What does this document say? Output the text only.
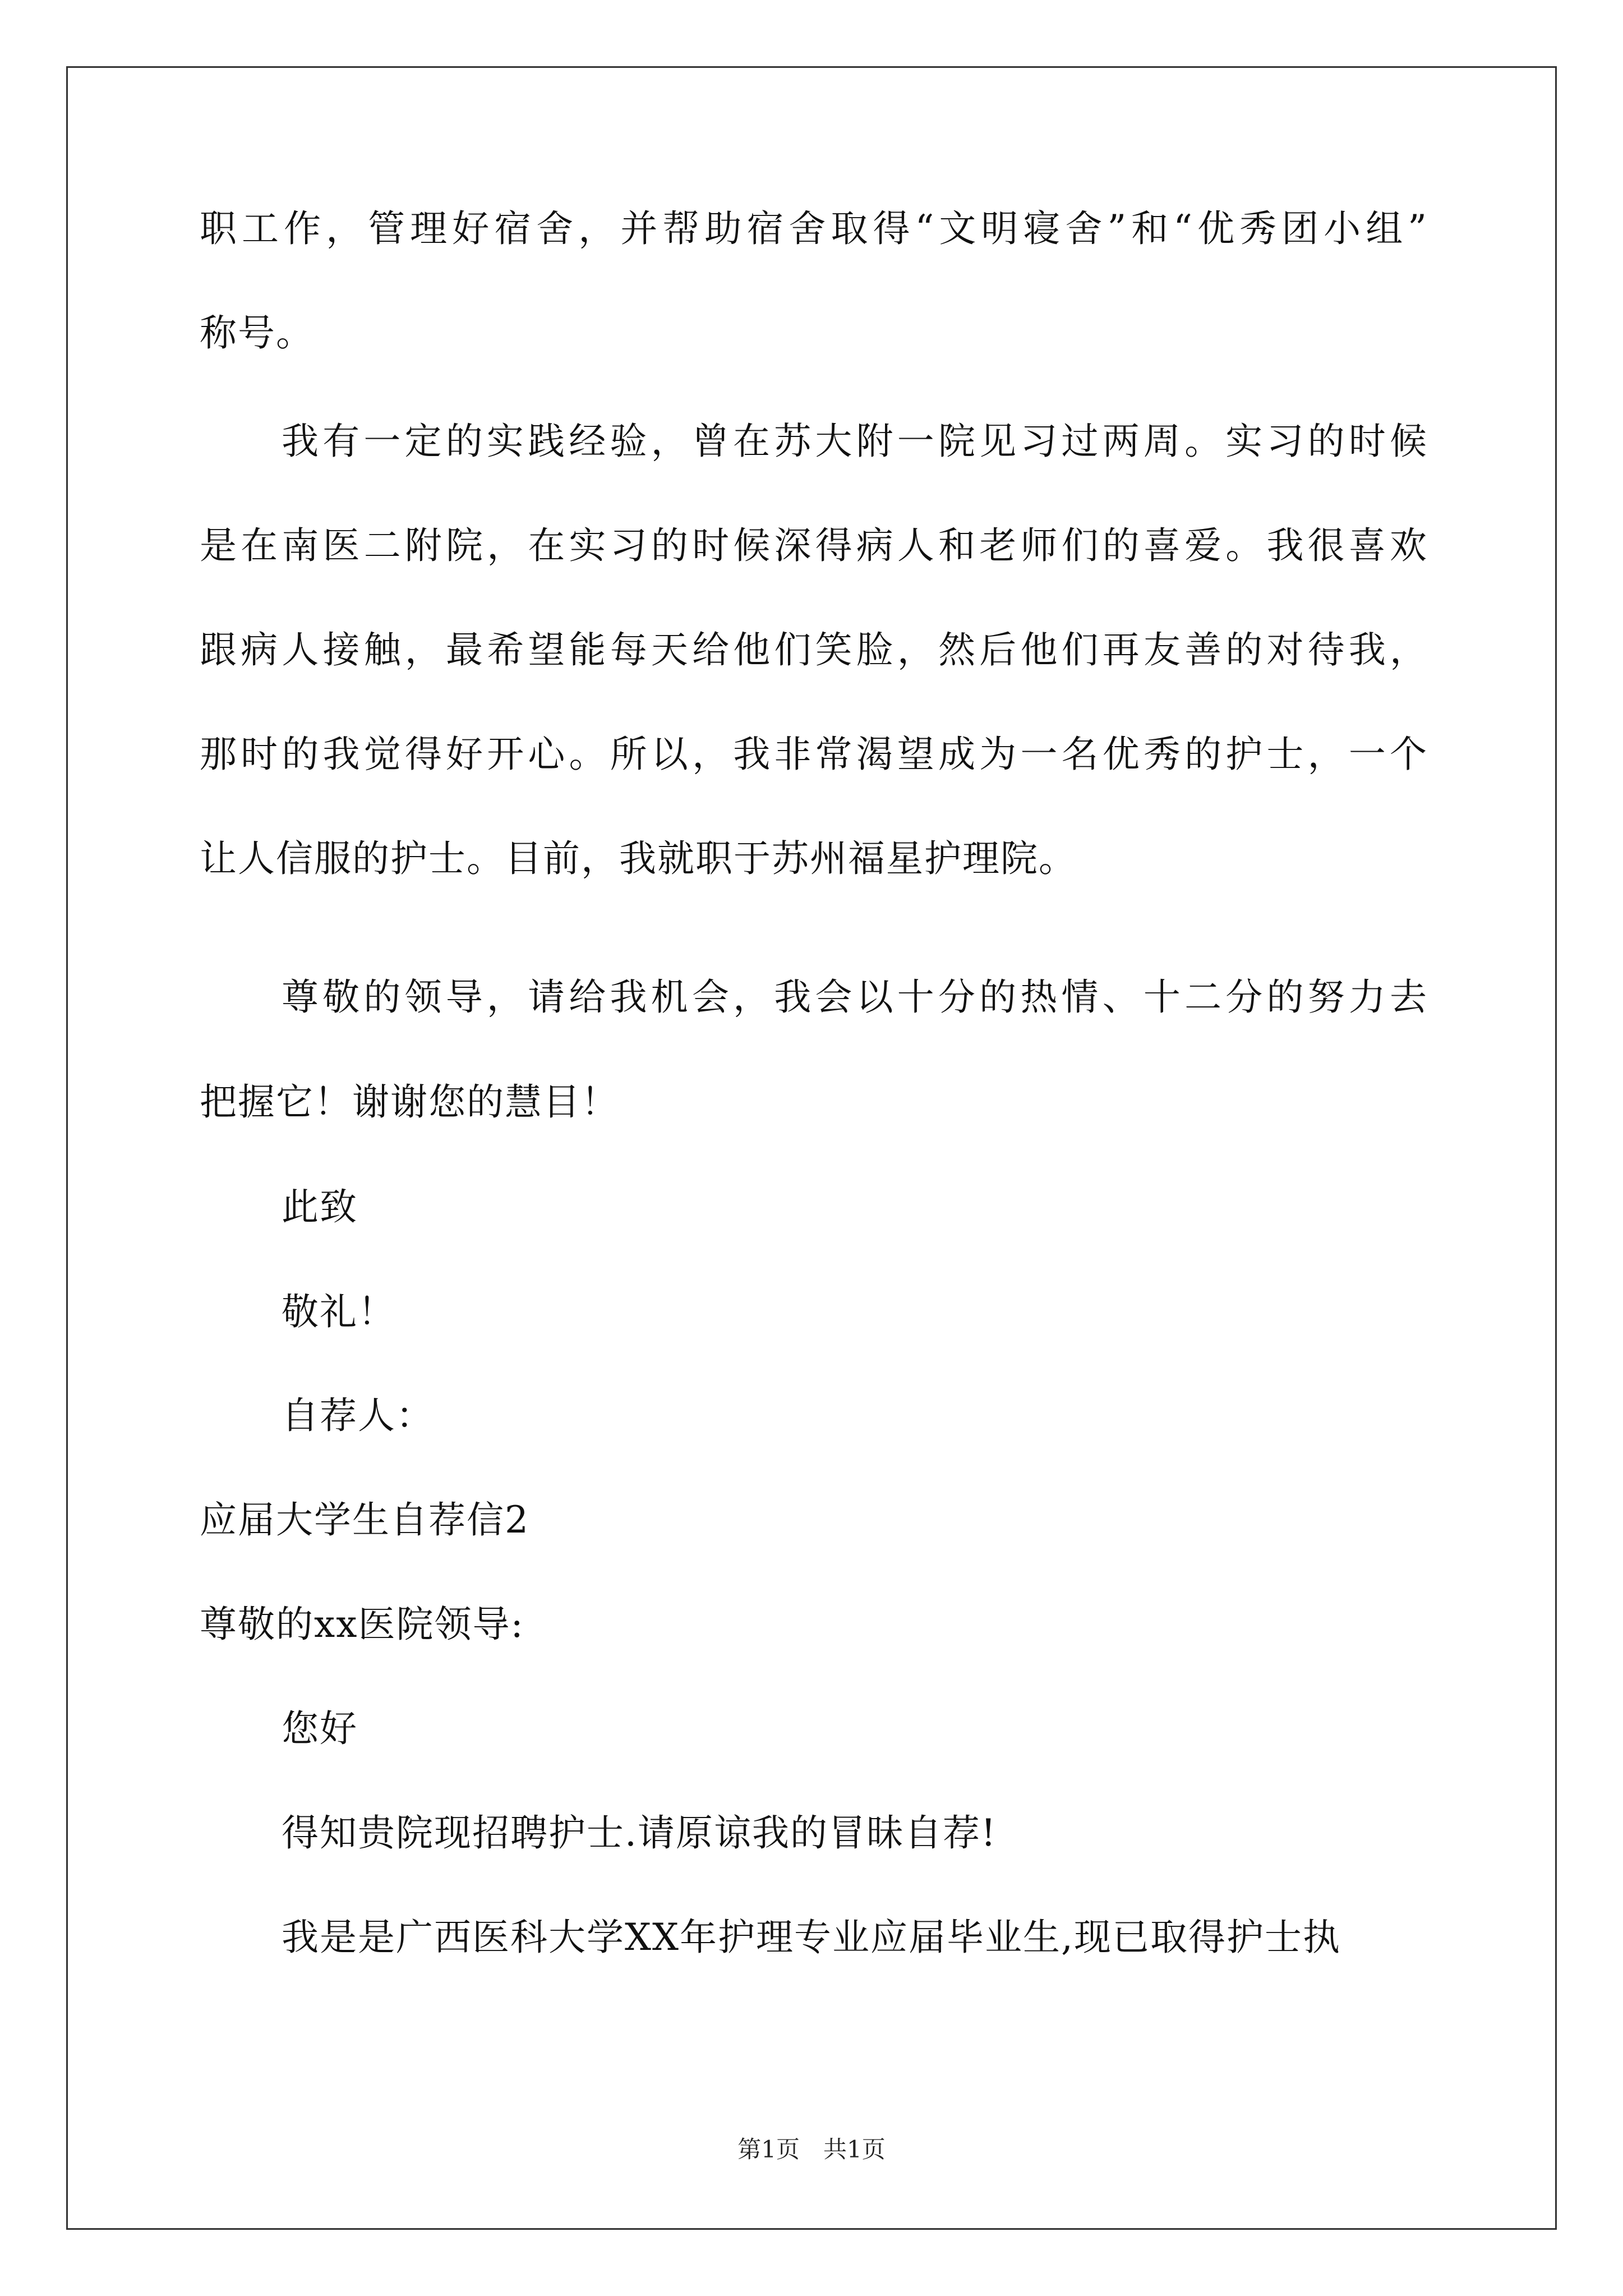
职工作，管理好宿舍，并帮助宿舍取得“文明寝舍”和“优秀团小组”
称号。
我有一定的实践经验，曾在苏大附一院见习过两周。实习的时候
是在南医二附院，在实习的时候深得病人和老师们的喜爱。我很喜欢
跟病人接触，最希望能每天给他们笑脸，然后他们再友善的对待我，
那时的我觉得好开心。所以，我非常渴望成为一名优秀的护士，一个
让人信服的护士。目前，我就职于苏州福星护理院。
尊敬的领导，请给我机会，我会以十分的热情、十二分的努力去
把握它！谢谢您的慧目！
此致
敬礼！
自荐人：
应届大学生自荐信2
尊敬的xx医院领导:
您好
得知贵院现招聘护士.请原谅我的冒昧自荐!
我是是广西医科大学XX年护理专业应届毕业生,现已取得护士执
第1页　共1页
